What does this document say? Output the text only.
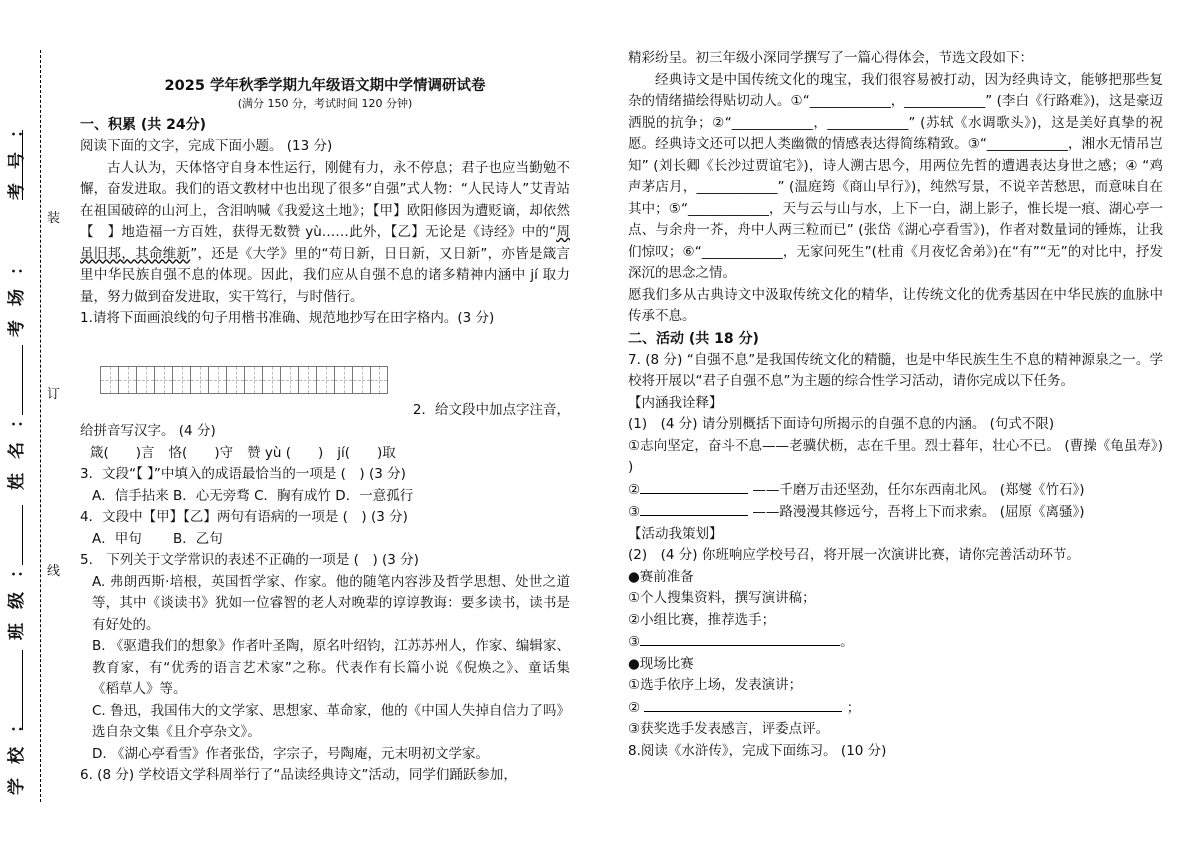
装
订
线
考号：
考场：
姓名：
班级：
学校：
2025 学年秋季学期九年级语文期中学情调研试卷
(满分 150 分，考试时间 120 分钟)
一、积累 (共 24分)

阅读下面的文字，完成下面小题。 (13 分)

古人认为，天体恪守自身本性运行，刚健有力，永不停息；君子也应当勤勉不懈，奋发进取。我们的语文教材中也出现了很多“自强”式人物：“人民诗人”艾青站在祖国破碎的山河上，含泪呐喊《我爱这土地》；【甲】欧阳修因为遭贬谪，却依然【　】地造福一方百姓，获得无数赞 yù……此外，【乙】无论是《诗经》中的“周虽旧邦，其命维新”，还是《大学》里的“苟日新，日日新，又日新”，亦皆是箴言里中华民族自强不息的体现。因此，我们应从自强不息的诸多精神内涵中 jí 取力量，努力做到奋发进取，实干笃行，与时偕行。

1.请将下面画浪线的句子用楷书准确、规范地抄写在田字格内。(3 分)

2．给文段中加点字注音，

给拼音写汉字。 (4 分)

箴(　　)言 恪(　　)守 赞 yù (　　) jí(　　)取

3．文段“【 】”中填入的成语最恰当的一项是 (　) (3 分)

A．信手拈来 B．心无旁骛 C．胸有成竹 D．一意孤行

4．文段中【甲】【乙】两句有语病的一项是 (　) (3 分)

A．甲句　　 B．乙句

5.　下列关于文学常识的表述不正确的一项是 (　) (3 分)

A. 弗朗西斯·培根，英国哲学家、作家。他的随笔内容涉及哲学思想、处世之道等，其中《谈读书》犹如一位睿智的老人对晚辈的谆谆教诲：要多读书，读书是有好处的。

B. 《驱遣我们的想象》作者叶圣陶，原名叶绍钧，江苏苏州人，作家、编辑家、教育家，有“优秀的语言艺术家”之称。代表作有长篇小说《倪焕之》、童话集《稻草人》等。

C. 鲁迅，我国伟大的文学家、思想家、革命家，他的《中国人失掉自信力了吗》选自杂文集《且介亭杂文》。

D. 《湖心亭看雪》作者张岱，字宗子，号陶庵，元末明初文学家。

6. (8 分) 学校语文学科周举行了“品读经典诗文”活动，同学们踊跃参加，

精彩纷呈。初三年级小深同学撰写了一篇心得体会，节选文段如下：

经典诗文是中国传统文化的瑰宝，我们很容易被打动，因为经典诗文，能够把那些复杂的情绪描绘得贴切动人。①“____________，____________” (李白《行路难》)，这是豪迈洒脱的抗争；②“____________，____________” (苏轼《水调歌头》)，这是美好真挚的祝愿。经典诗文还可以把人类幽微的情感表达得简练精致。③“____________，湘水无情吊岂知” (刘长卿《长沙过贾谊宅》)，诗人溯古思今，用两位先哲的遭遇表达身世之感；④ “鸡声茅店月，____________” (温庭筠《商山早行》)，纯然写景，不说辛苦愁思，而意味自在其中；⑤“____________，天与云与山与水，上下一白，湖上影子，惟长堤一痕、湖心亭一点、与余舟一芥，舟中人两三粒而已” (张岱《湖心亭看雪》)，作者对数量词的锤炼，让我们惊叹；⑥“____________，无家问死生”(杜甫《月夜忆舍弟》)在“有”“无”的对比中，抒发深沉的思念之情。

愿我们多从古典诗文中汲取传统文化的精华，让传统文化的优秀基因在中华民族的血脉中传承不息。

二、活动 (共 18 分)

7. (8 分) “自强不息”是我国传统文化的精髓，也是中华民族生生不息的精神源泉之一。学校将开展以“君子自强不息”为主题的综合性学习活动，请你完成以下任务。

【内涵我诠释】

(1)　(4 分) 请分别概括下面诗句所揭示的自强不息的内涵。 (句式不限)

①志向坚定，奋斗不息——老骥伏枥，志在千里。烈士暮年，壮心不已。 (曹操《龟虽寿》) )

②	——千磨万击还坚劲，任尔东西南北风。 (郑燮《竹石》)

③	——路漫漫其修远兮，吾将上下而求索。 (屈原《离骚》)

【活动我策划】

(2)　(4 分) 你班响应学校号召，将开展一次演讲比赛，请你完善活动环节。

●赛前准备

①个人搜集资料，撰写演讲稿；

②小组比赛，推荐选手；

③	。

●现场比赛

①选手依序上场，发表演讲；

②	；

③获奖选手发表感言，评委点评。

8.阅读《水浒传》，完成下面练习。 (10 分)
